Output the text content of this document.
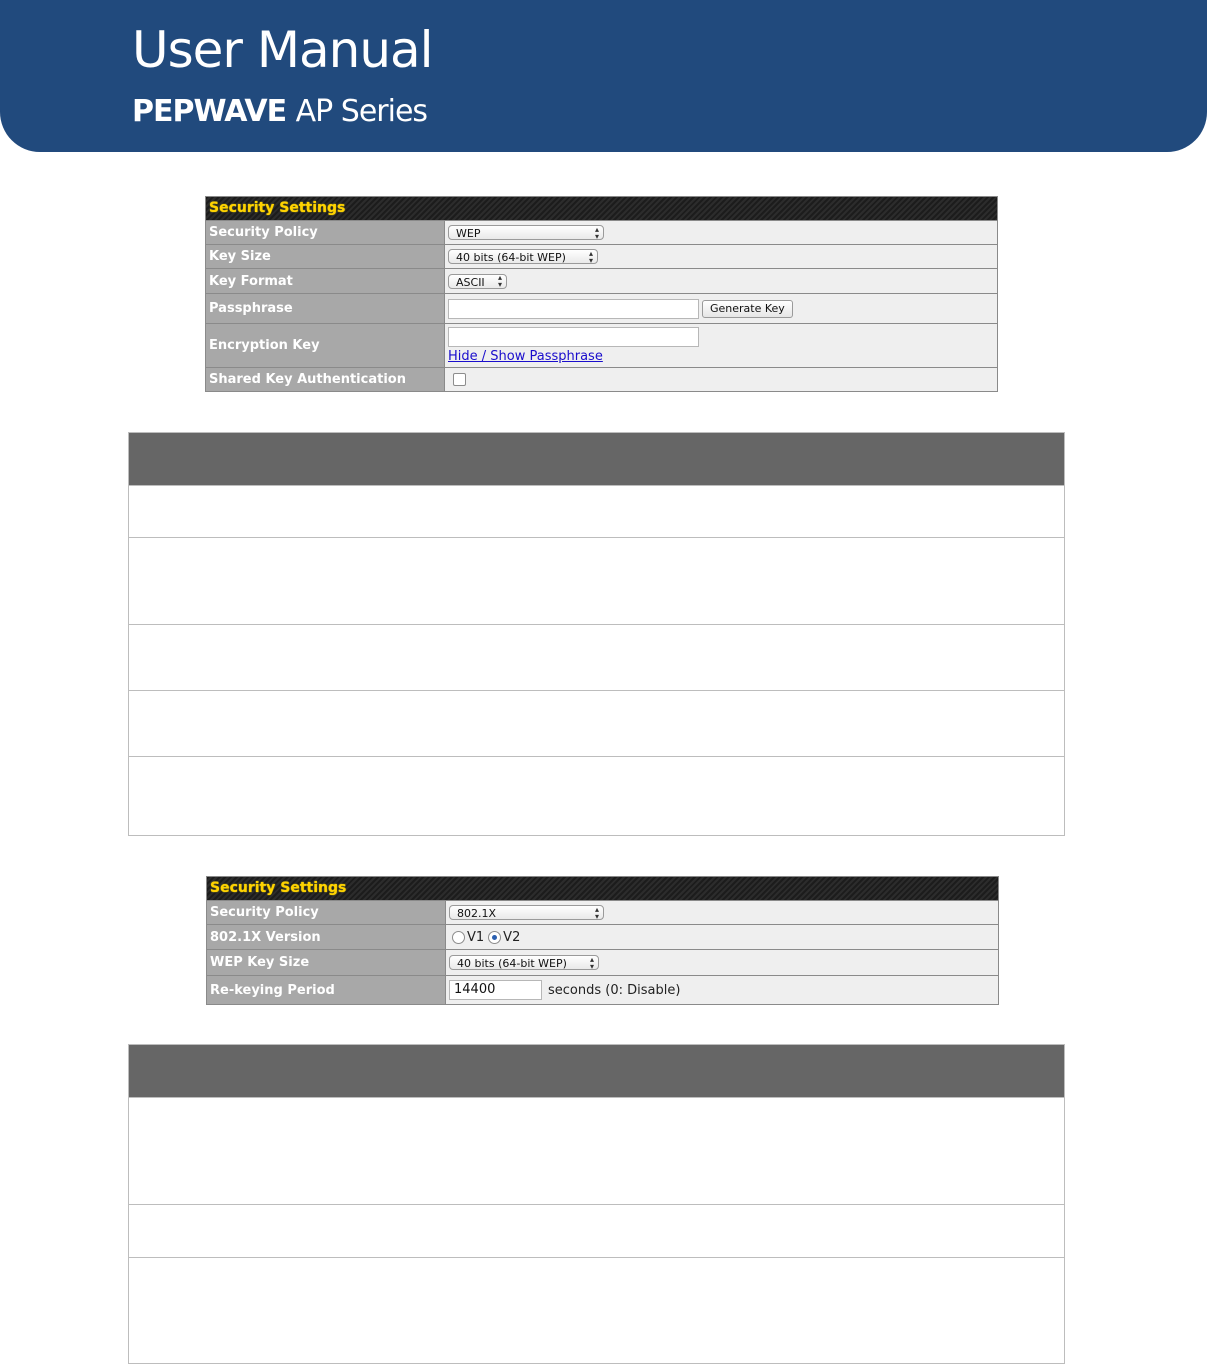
User Manual
PEPWAVE AP Series
Security Settings
Security Policy	WEP	▴
▾
Key Size	40 bits (64-bit WEP)	▴
▾
Key Format	ASCII ▴
▾
Passphrase	Generate Key
Encryption Key
Hide / Show Passphrase
Shared Key Authentication
Security Settings
Security Policy	802.1X	▴
▾
802.1X Version	V1 V2
WEP Key Size	40 bits (64-bit WEP)	▴
▾
Re-keying Period	14400	seconds (0: Disable)
